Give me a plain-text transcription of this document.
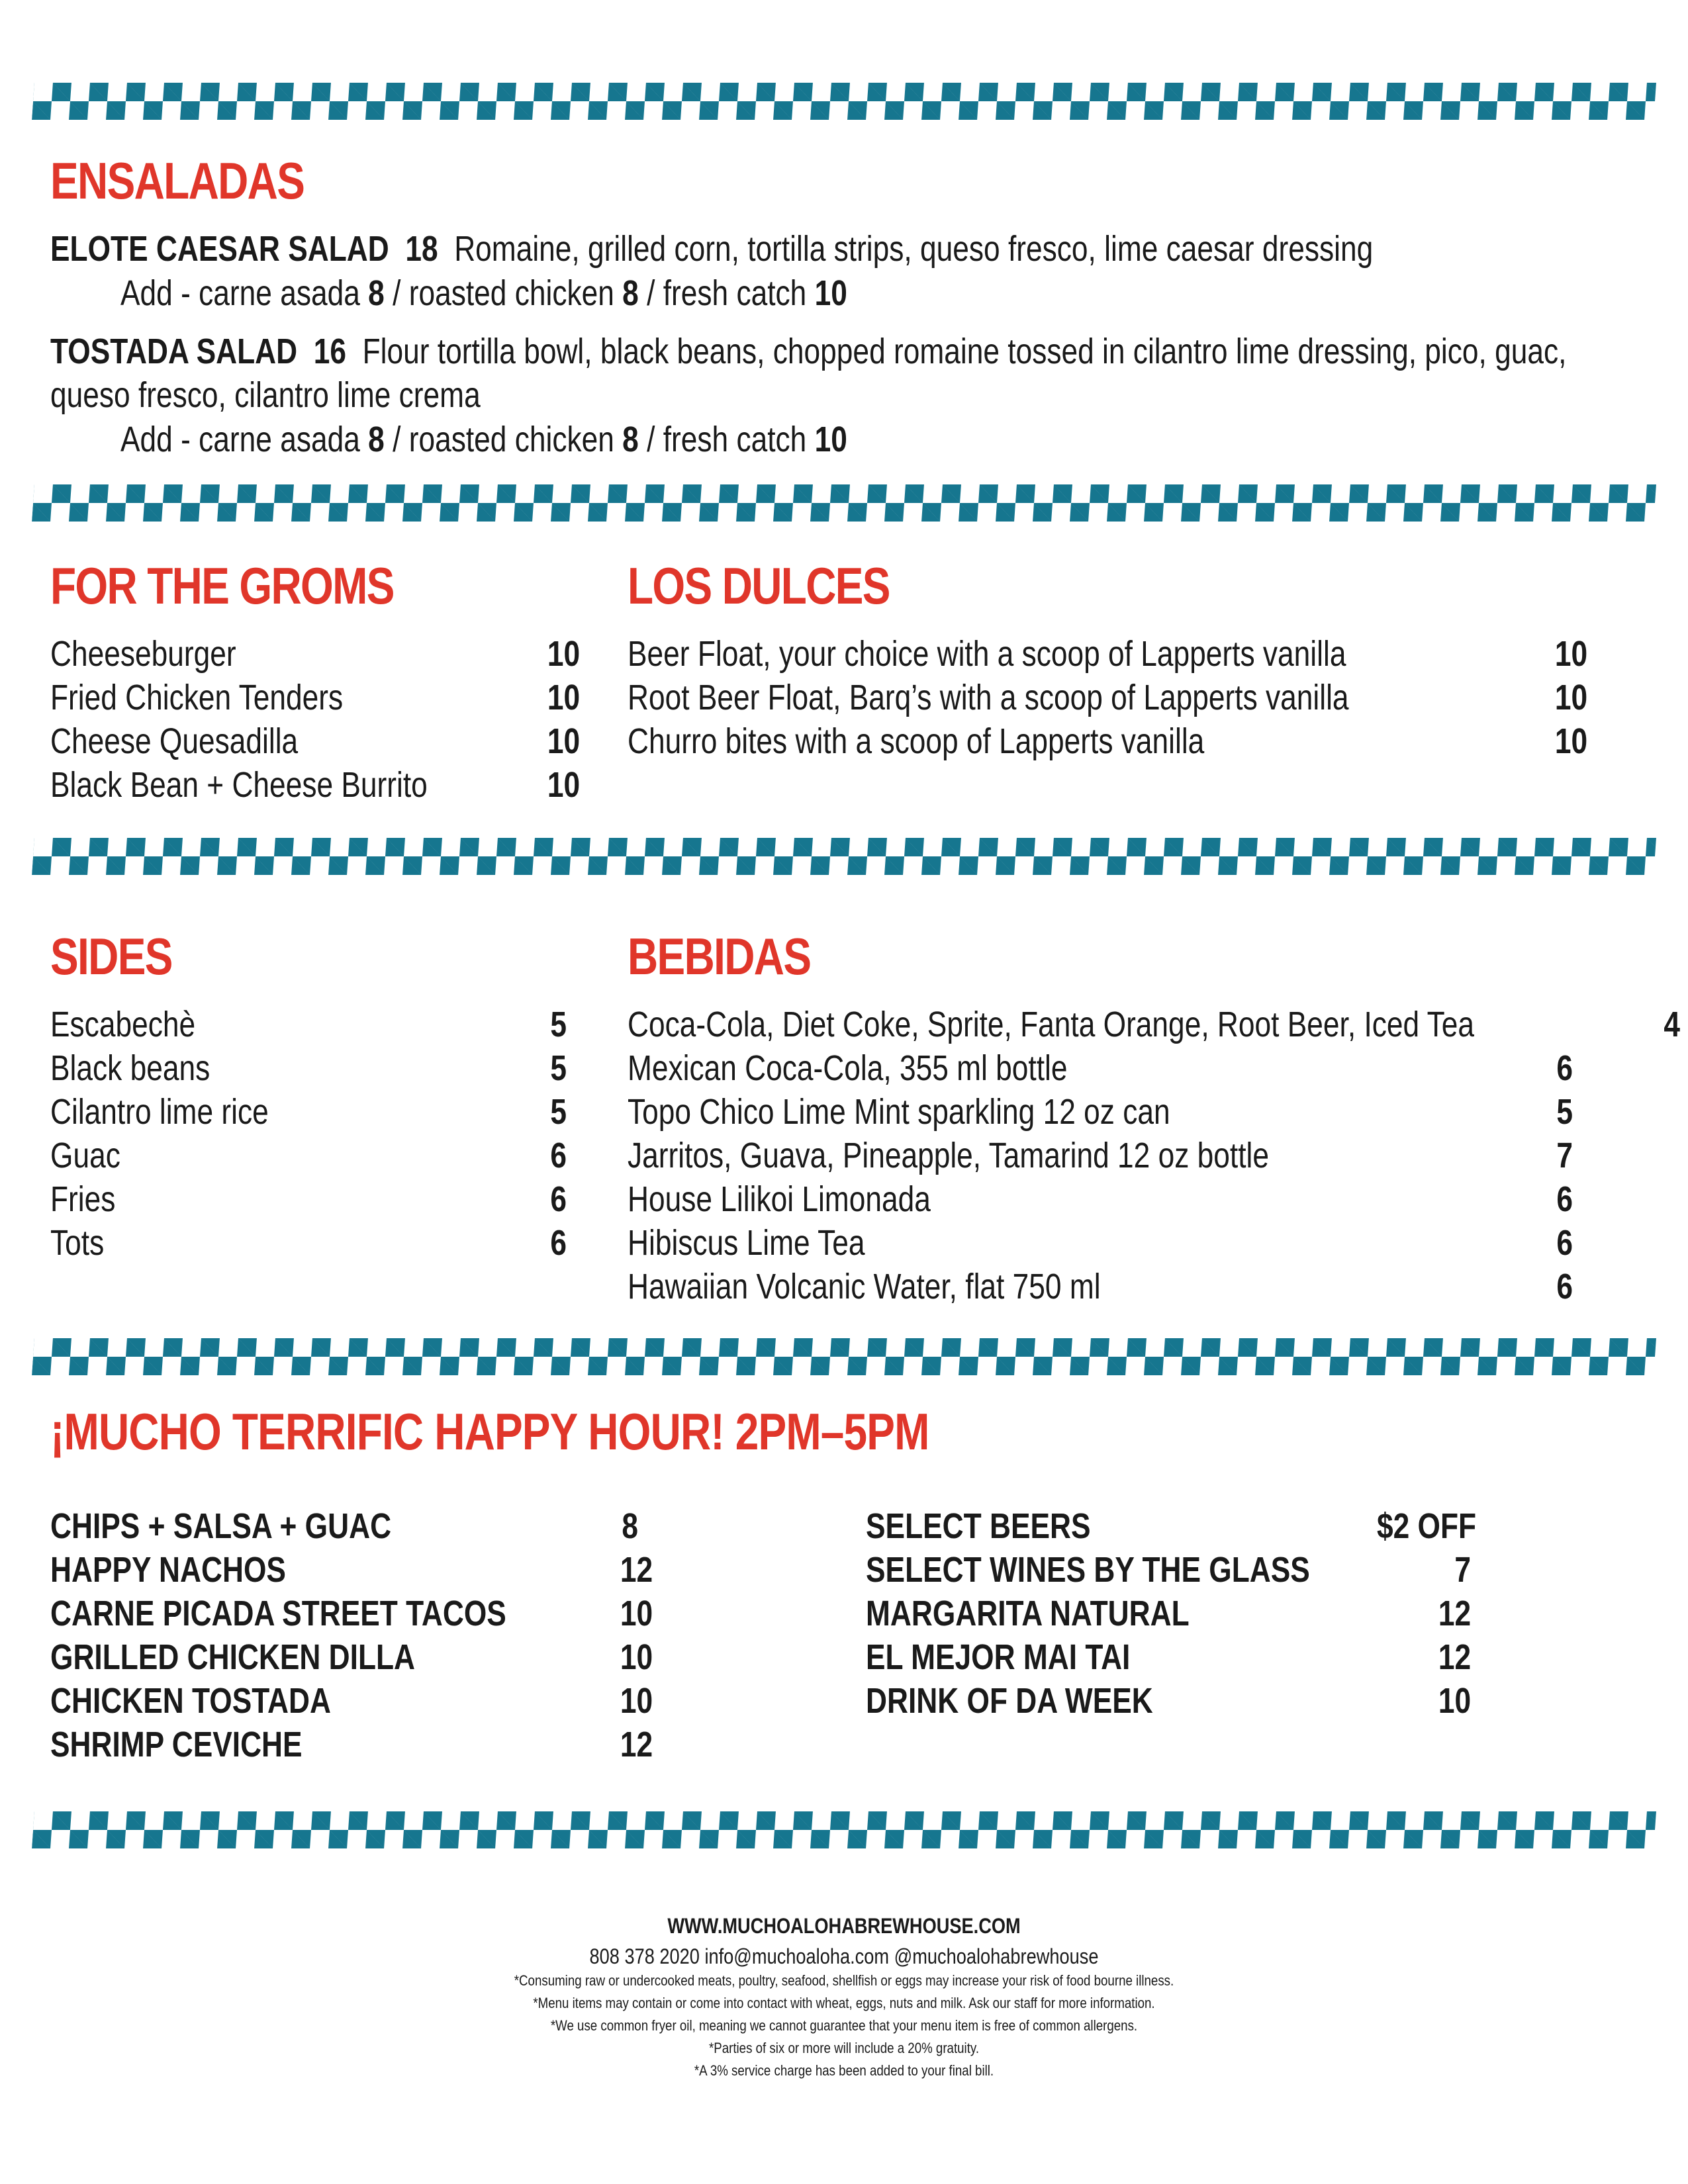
ENSALADAS
ELOTE CAESAR SALAD 18 Romaine, grilled corn, tortilla strips, queso fresco, lime caesar dressing
Add - carne asada 8 / roasted chicken 8 / fresh catch 10
TOSTADA SALAD 16 Flour tortilla bowl, black beans, chopped romaine tossed in cilantro lime dressing, pico, guac,
queso fresco, cilantro lime crema
Add - carne asada 8 / roasted chicken 8 / fresh catch 10
FOR THE GROMS
Cheeseburger	10
Fried Chicken Tenders	10
Cheese Quesadilla	10
Black Bean + Cheese Burrito	10
LOS DULCES
Beer Float, your choice with a scoop of Lapperts vanilla	10
Root Beer Float, Barq’s with a scoop of Lapperts vanilla	10
Churro bites with a scoop of Lapperts vanilla	10
SIDES
Escabechè	5
Black beans	5
Cilantro lime rice	5
Guac	6
Fries	6
Tots	6
BEBIDAS
Coca-Cola, Diet Coke, Sprite, Fanta Orange, Root Beer, Iced Tea	4
Mexican Coca-Cola, 355 ml bottle	6
Topo Chico Lime Mint sparkling 12 oz can	5
Jarritos, Guava, Pineapple, Tamarind 12 oz bottle	7
House Lilikoi Limonada	6
Hibiscus Lime Tea	6
Hawaiian Volcanic Water, flat 750 ml	6
¡MUCHO TERRIFIC HAPPY HOUR! 2PM–5PM
CHIPS + SALSA + GUAC	8
HAPPY NACHOS	12
CARNE PICADA STREET TACOS	10
GRILLED CHICKEN DILLA	10
CHICKEN TOSTADA	10
SHRIMP CEVICHE	12
SELECT BEERS	$2 OFF
SELECT WINES BY THE GLASS	7
MARGARITA NATURAL	12
EL MEJOR MAI TAI	12
DRINK OF DA WEEK	10
WWW.MUCHOALOHABREWHOUSE.COM
808 378 2020 info@muchoaloha.com @muchoalohabrewhouse
*Consuming raw or undercooked meats, poultry, seafood, shellfish or eggs may increase your risk of food bourne illness.
*Menu items may contain or come into contact with wheat, eggs, nuts and milk. Ask our staff for more information.
*We use common fryer oil, meaning we cannot guarantee that your menu item is free of common allergens.
*Parties of six or more will include a 20% gratuity.
*A 3% service charge has been added to your final bill.
